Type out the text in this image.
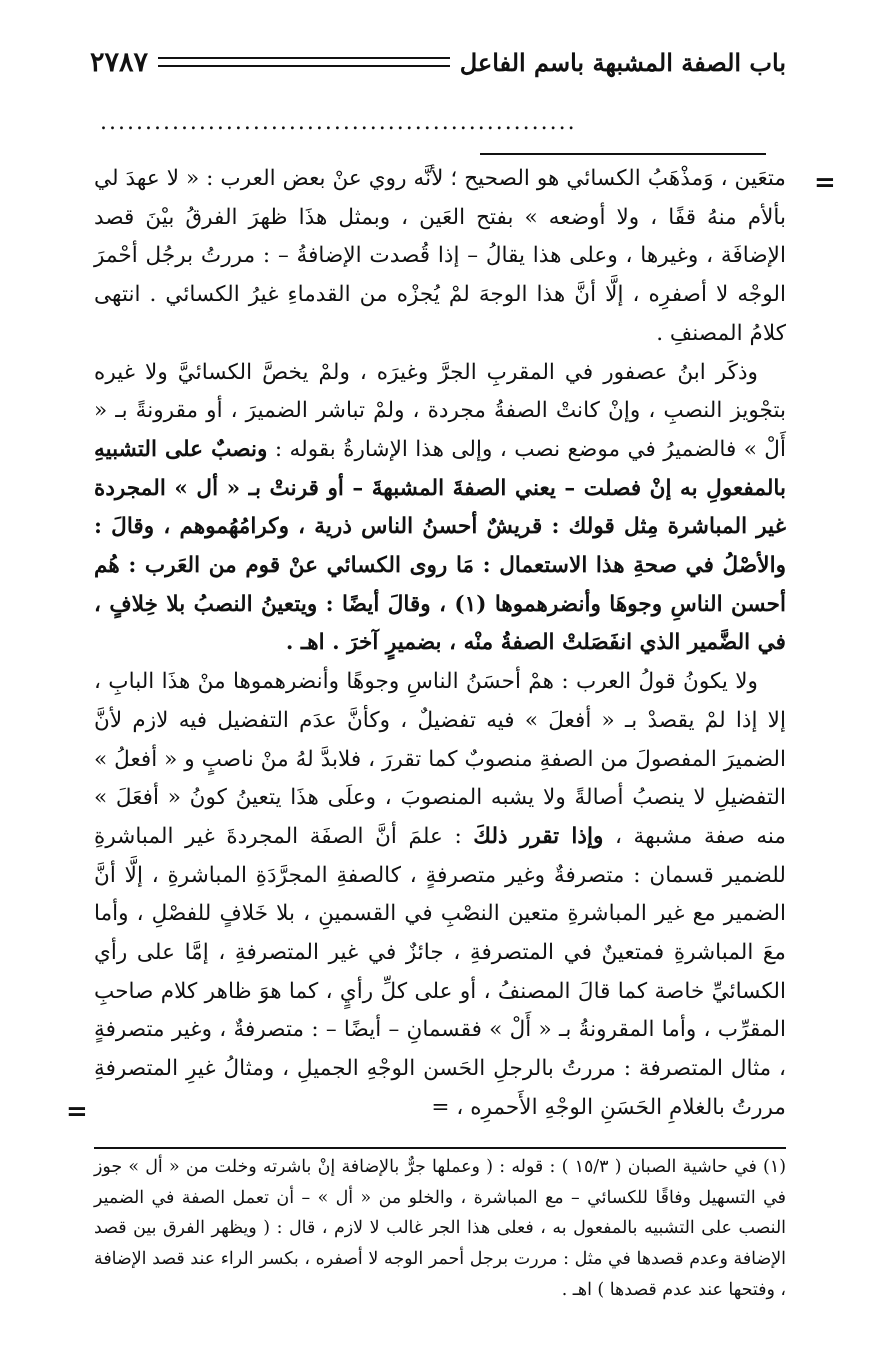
باب الصفة المشبهة باسم الفاعل
٢٧٨٧
.....................................................
=

متعَين ، وَمذْهَبُ الكسائي هو الصحيح ؛ لأنَّه روي عنْ بعض العرب : « لا عهدَ لي بألأم منهُ قفًا ، ولا أوضعه » بفتح العَين ، وبمثل هذَا ظهرَ الفرقُ بيْنَ قصد الإضافَة ، وغيرها ، وعلى هذا يقالُ – إذا قُصدت الإضافةُ – : مررتُ برجُل أحْمرَ الوجْه لا أصفرِه ، إلَّا أنَّ هذا الوجهَ لمْ يُجزْه من القدماءِ غيرُ الكسائي . انتهى كلامُ المصنفِ .

وذكَر ابنُ عصفور في المقربِ الجرَّ وغيرَه ، ولمْ يخصَّ الكسائيَّ ولا غيره بتجْويز النصبِ ، وإنْ كانتْ الصفةُ مجردة ، ولمْ تباشر الضميرَ ، أو مقرونةً بـ « أَلْ » فالضميرُ في موضع نصب ، وإلى هذا الإشارةُ بقوله : ونصبٌ على التشبيهِ بالمفعولِ به إنْ فصلت – يعني الصفةَ المشبهةَ – أو قرنتْ بـ « أل » المجردة غير المباشرة مِثل قولك : قريشٌ أحسنُ الناس ذرية ، وكرامُهُموهم ، وقالَ : والأصْلُ في صحةِ هذا الاستعمال : مَا روى الكسائي عنْ قوم من العَرب : هُم أحسن الناسِ وجوهَا وأنضرهموها (١) ، وقالَ أيضًا : ويتعينُ النصبُ بلا خِلافٍ ، في الضَّمير الذي انفَصَلتْ الصفةُ منْه ، بضميرٍ آخرَ . اهـ .

ولا يكونُ قولُ العرب : همْ أحسَنُ الناسِ وجوهًا وأنضرهموها منْ هذَا البابِ ، إلا إذا لمْ يقصدْ بـ « أفعلَ » فيه تفضيلٌ ، وكأنَّ عدَم التفضيل فيه لازم لأنَّ الضميرَ المفصولَ من الصفةِ منصوبٌ كما تقررَ ، فلابدَّ لهُ منْ ناصبٍ و « أفعلُ » التفضيلِ لا ينصبُ أصالةً ولا يشبه المنصوبَ ، وعلَى هذَا يتعينُ كونُ « أفعَلَ » منه صفة مشبهة ، وإذا تقرر ذلكَ : علمَ أنَّ الصفَة المجردةَ غير المباشرةِ للضمير قسمان : متصرفةٌ وغير متصرفةٍ ، كالصفةِ المجرَّدَةِ المباشرةِ ، إلَّا أنَّ الضمير مع غير المباشرةِ متعين النصْبِ في القسمينِ ، بلا خَلافٍ للفصْلِ ، وأما معَ المباشرةِ فمتعينٌ في المتصرفةِ ، جائزٌ في غير المتصرفةِ ، إمَّا على رأي الكسائيِّ خاصة كما قالَ المصنفُ ، أو على كلِّ رأيٍ ، كما هوَ ظاهر كلام صاحبِ المقرِّب ، وأما المقرونةُ بـ « أَلْ » فقسمانِ – أيضًا – : متصرفةٌ ، وغير متصرفةٍ ، مثال المتصرفة : مررتُ بالرجلِ الحَسن الوجْهِ الجميلِ ، ومثالُ غيرِ المتصرفةِ مررتُ بالغلامِ الحَسَنِ الوجْهِ الأَحمرِه ، =

=

(١) في حاشية الصبان ( ١٥/٣ ) : قوله : ( وعملها جرٌّ بالإضافة إنْ باشرته وخلت من « أل » جوز في التسهيل وفاقًا للكسائي – مع المباشرة ، والخلو من « أل » – أن تعمل الصفة في الضمير النصب على التشبيه بالمفعول به ، فعلى هذا الجر غالب لا لازم ، قال : ( ويظهر الفرق بين قصد الإضافة وعدم قصدها في مثل : مررت برجل أحمر الوجه لا أصفره ، بكسر الراء عند قصد الإضافة ، وفتحها عند عدم قصدها ) اهـ .
